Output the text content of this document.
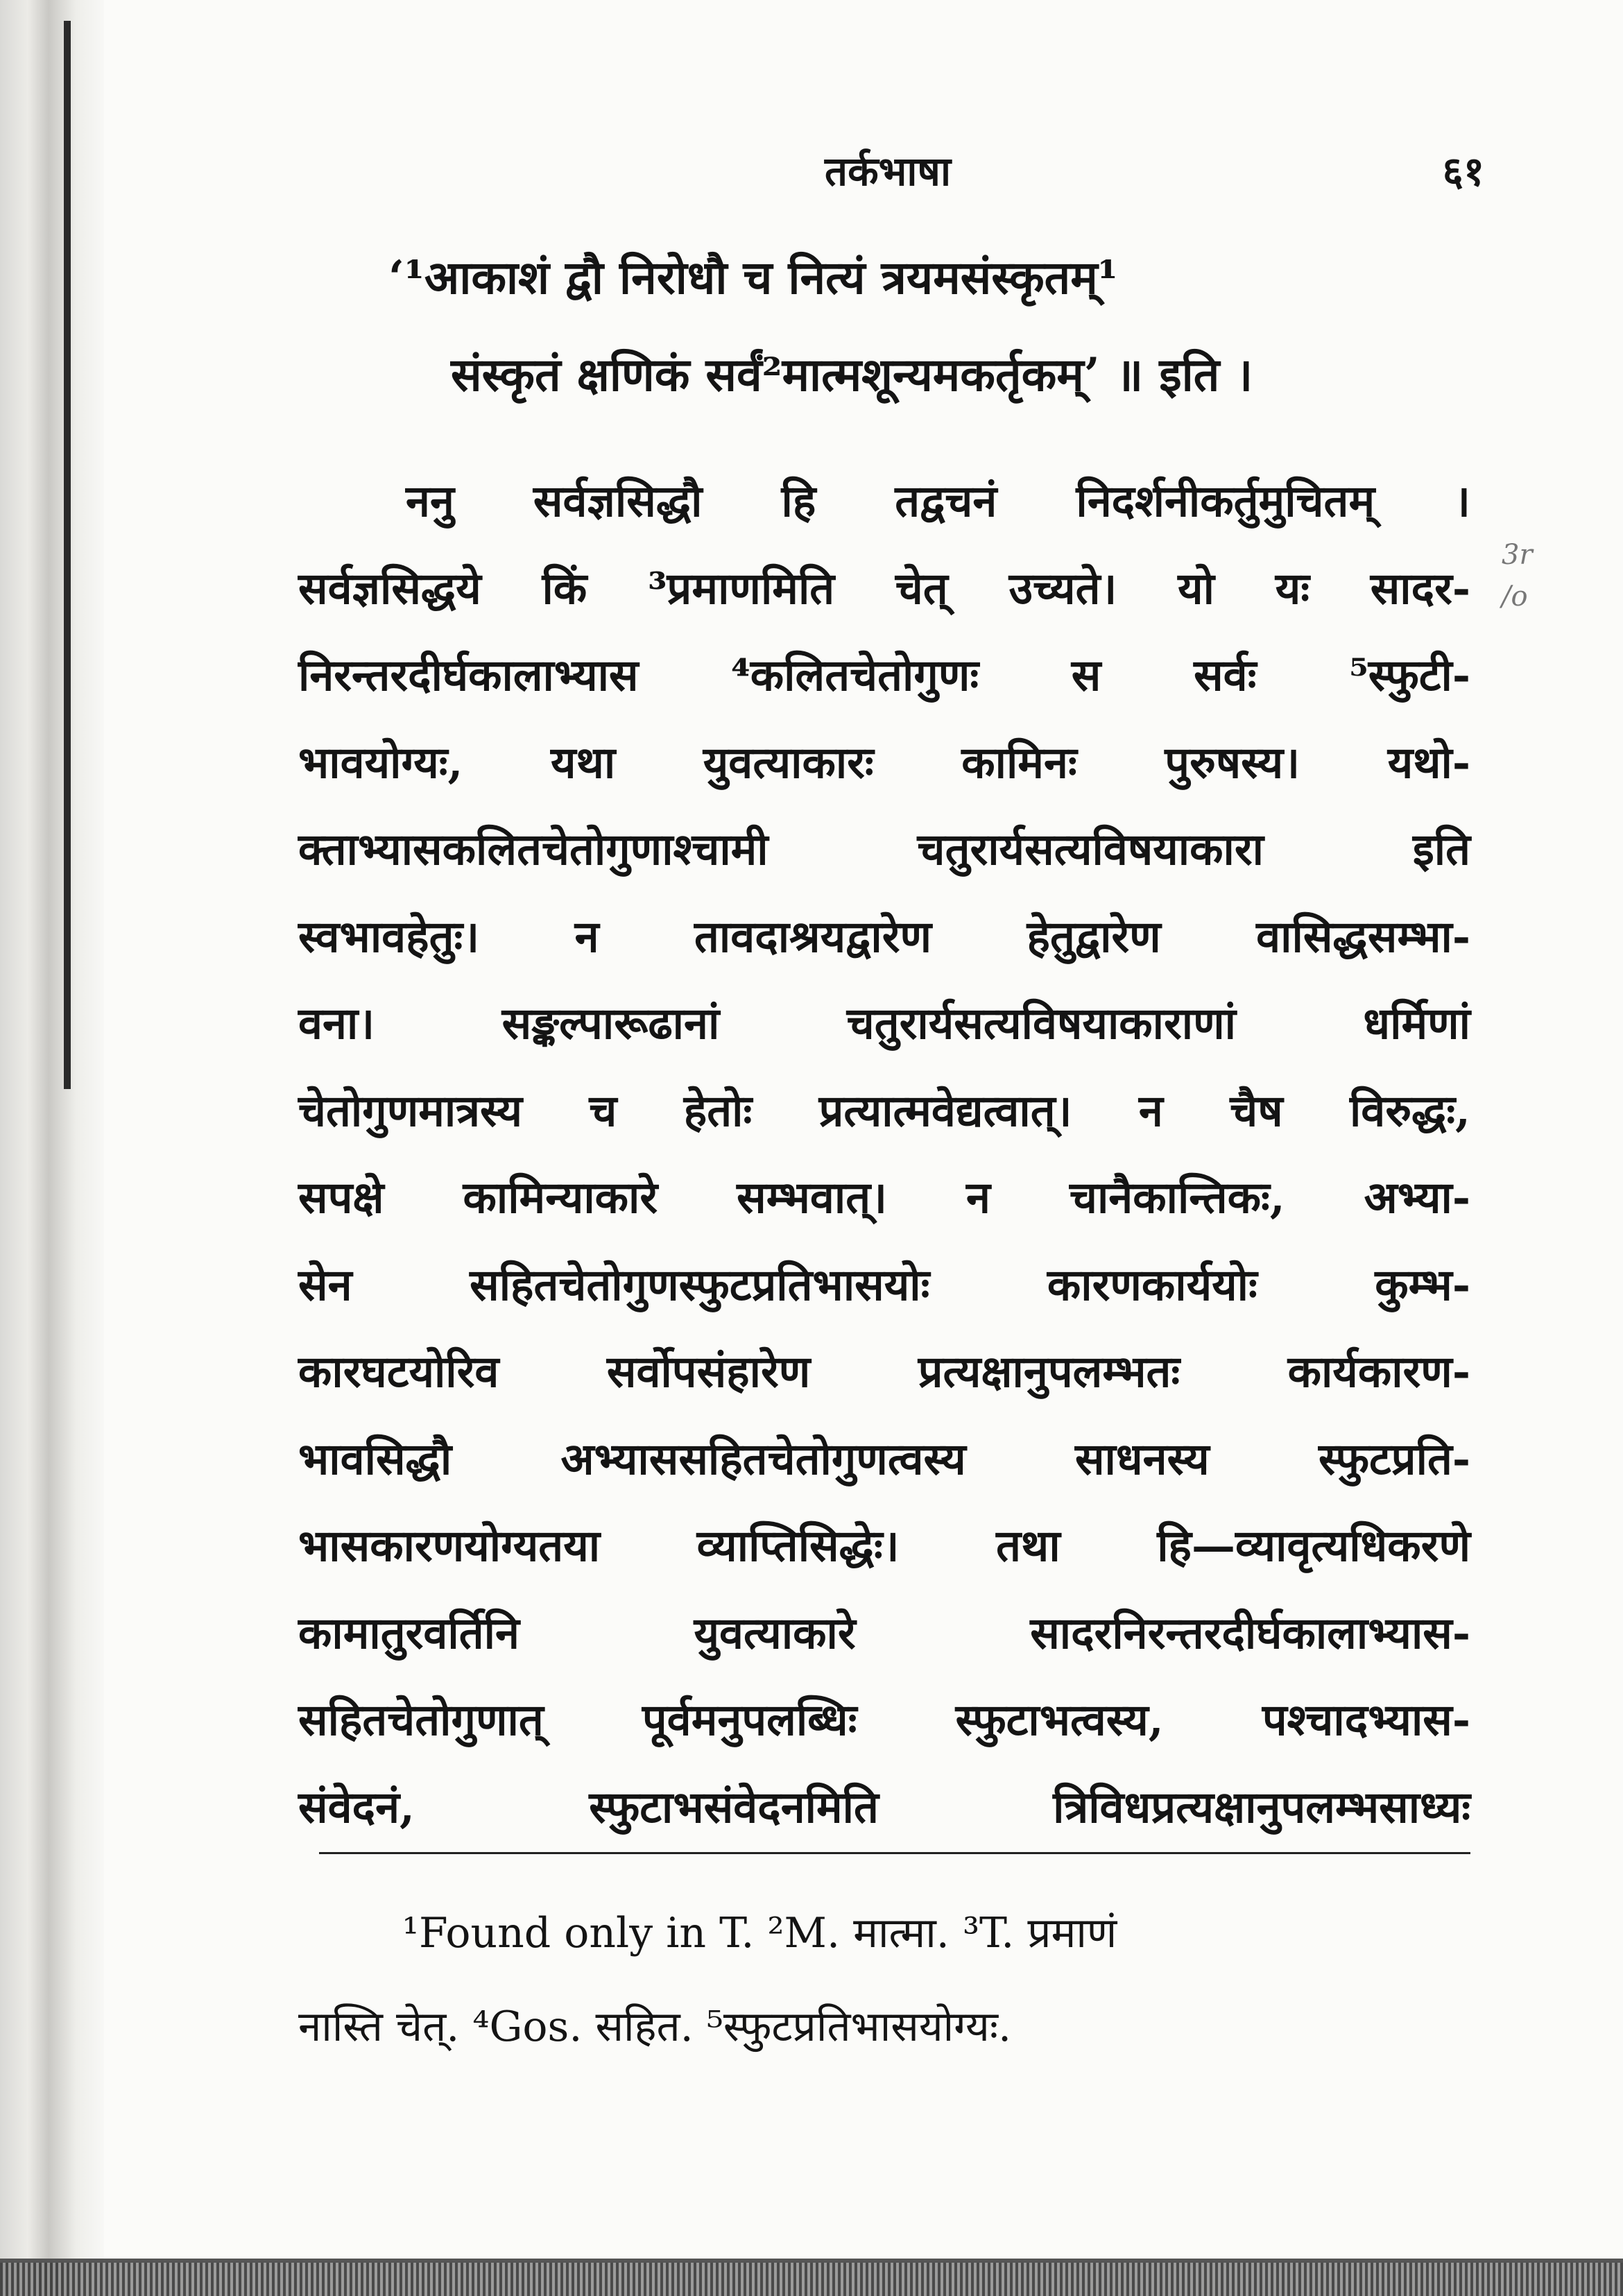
तर्कभाषा	६१
‘¹आकाशं द्वौ निरोधौ च नित्यं त्रयमसंस्कृतम्¹
संस्कृतं क्षणिकं सर्वं²मात्मशून्यमकर्तृकम्’ ॥ इति ।
ननु सर्वज्ञसिद्धौ हि तद्वचनं निदर्शनीकर्तुमुचितम् ।
सर्वज्ञसिद्धये किं ³प्रमाणमिति चेत् उच्यते। यो यः सादर-
निरन्तरदीर्घकालाभ्यास ⁴कलितचेतोगुणः स सर्वः ⁵स्फुटी-
भावयोग्यः, यथा युवत्याकारः कामिनः पुरुषस्य। यथो-
क्ताभ्यासकलितचेतोगुणाश्चामी चतुरार्यसत्यविषयाकारा इति
स्वभावहेतुः। न तावदाश्रयद्वारेण हेतुद्वारेण वासिद्धसम्भा-
वना। सङ्कल्पारूढानां चतुरार्यसत्यविषयाकाराणां धर्मिणां
चेतोगुणमात्रस्य च हेतोः प्रत्यात्मवेद्यत्वात्। न चैष विरुद्धः,
सपक्षे कामिन्याकारे सम्भवात्। न चानैकान्तिकः, अभ्या-
सेन सहितचेतोगुणस्फुटप्रतिभासयोः कारणकार्ययोः कुम्भ-
कारघटयोरिव सर्वोपसंहारेण प्रत्यक्षानुपलम्भतः कार्यकारण-
भावसिद्धौ अभ्याससहितचेतोगुणत्वस्य साधनस्य स्फुटप्रति-
भासकारणयोग्यतया व्याप्तिसिद्धेः। तथा हि—व्यावृत्यधिकरणे
कामातुरवर्तिनि युवत्याकारे सादरनिरन्तरदीर्घकालाभ्यास-
सहितचेतोगुणात् पूर्वमनुपलब्धिः स्फुटाभत्वस्य, पश्चादभ्यास-
संवेदनं, स्फुटाभसंवेदनमिति त्रिविधप्रत्यक्षानुपलम्भसाध्यः
3r
/o
¹Found only in T. ²M. मात्मा. ³T. प्रमाणं
नास्ति चेत्. ⁴Gos. सहित. ⁵स्फुटप्रतिभासयोग्यः.
